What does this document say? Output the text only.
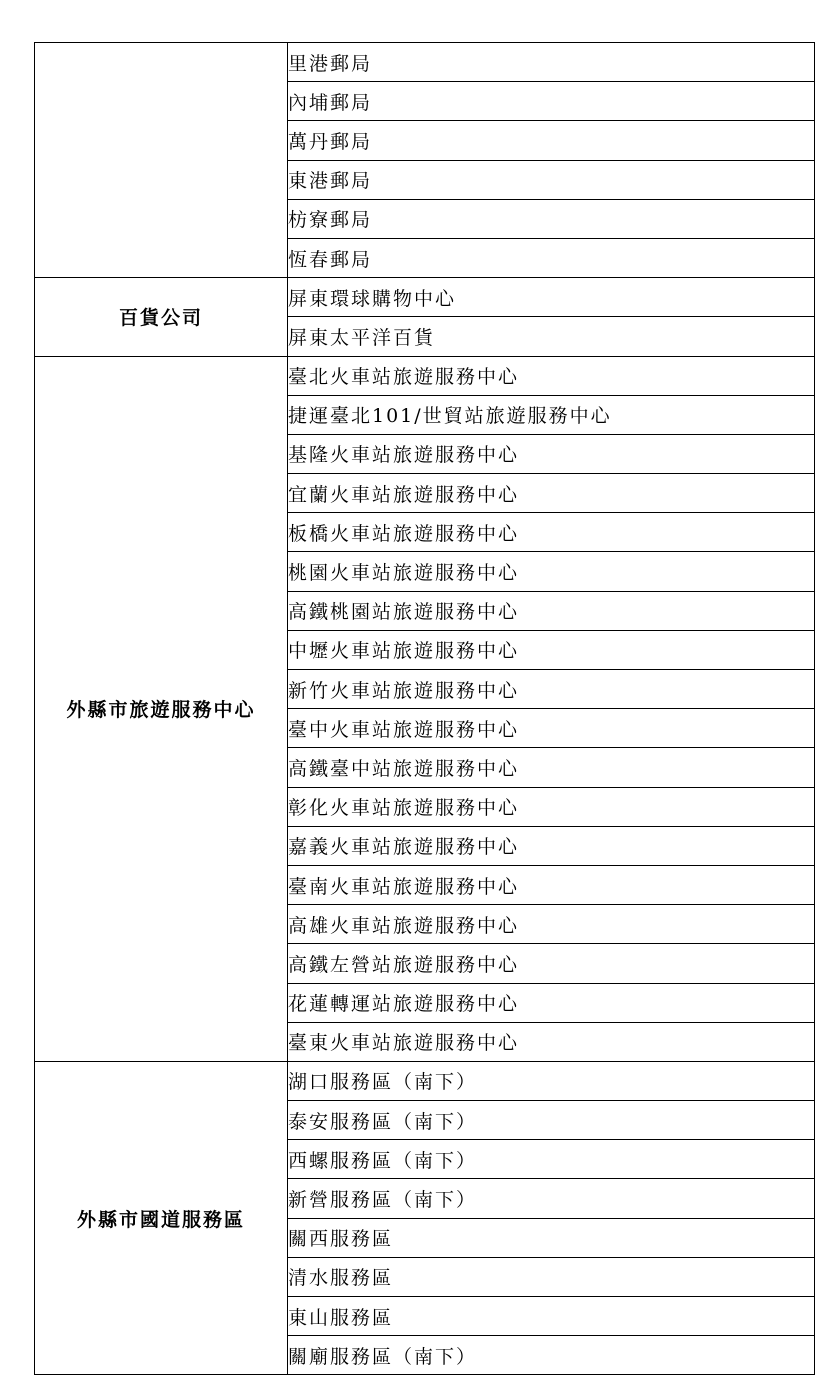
	里港郵局
	內埔郵局
	萬丹郵局
	東港郵局
	枋寮郵局
	恆春郵局
百貨公司	屏東環球購物中心
	屏東太平洋百貨
外縣市旅遊服務中心	臺北火車站旅遊服務中心
	捷運臺北101/世貿站旅遊服務中心
	基隆火車站旅遊服務中心
	宜蘭火車站旅遊服務中心
	板橋火車站旅遊服務中心
	桃園火車站旅遊服務中心
	高鐵桃園站旅遊服務中心
	中壢火車站旅遊服務中心
	新竹火車站旅遊服務中心
	臺中火車站旅遊服務中心
	高鐵臺中站旅遊服務中心
	彰化火車站旅遊服務中心
	嘉義火車站旅遊服務中心
	臺南火車站旅遊服務中心
	高雄火車站旅遊服務中心
	高鐵左營站旅遊服務中心
	花蓮轉運站旅遊服務中心
	臺東火車站旅遊服務中心
外縣市國道服務區	湖口服務區（南下）
	泰安服務區（南下）
	西螺服務區（南下）
	新營服務區（南下）
	關西服務區
	清水服務區
	東山服務區
	關廟服務區（南下）
